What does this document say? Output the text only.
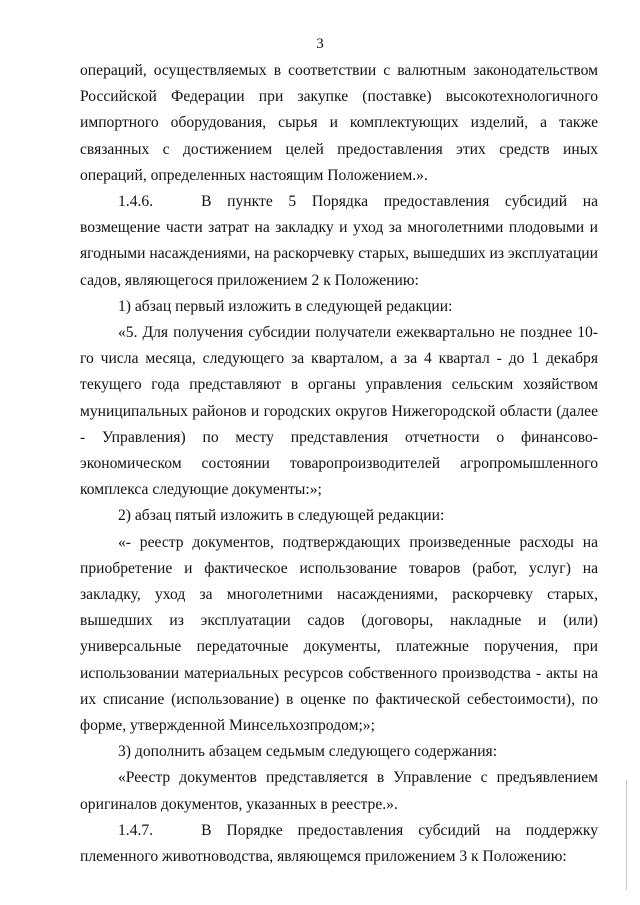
3

операций, осуществляемых в соответствии с валютным законодательством Российской Федерации при закупке (поставке) высокотехнологичного импортного оборудования, сырья и комплектующих изделий, а также связанных с достижением целей предоставления этих средств иных операций, определенных настоящим Положением.».

1.4.6.	В пункте 5 Порядка предоставления субсидий на возмещение части затрат на закладку и уход за многолетними плодовыми и ягодными насаждениями, на раскорчевку старых, вышедших из эксплуатации садов, являющегося приложением 2 к Положению:

1) абзац первый изложить в следующей редакции:

«5. Для получения субсидии получатели ежеквартально не позднее 10-го числа месяца, следующего за кварталом, а за 4 квартал - до 1 декабря текущего года представляют в органы управления сельским хозяйством муниципальных районов и городских округов Нижегородской области (далее - Управления) по месту представления отчетности о финансово-экономическом состоянии товаропроизводителей агропромышленного комплекса следующие документы:»;

2) абзац пятый изложить в следующей редакции:

«- реестр документов, подтверждающих произведенные расходы на приобретение и фактическое использование товаров (работ, услуг) на закладку, уход за многолетними насаждениями, раскорчевку старых, вышедших из эксплуатации садов (договоры, накладные и (или) универсальные передаточные документы, платежные поручения, при использовании материальных ресурсов собственного производства - акты на их списание (использование) в оценке по фактической себестоимости), по форме, утвержденной Минсельхозпродом;»;

3) дополнить абзацем седьмым следующего содержания:

«Реестр документов представляется в Управление с предъявлением оригиналов документов, указанных в реестре.».

1.4.7.	В Порядке предоставления субсидий на поддержку племенного животноводства, являющемся приложением 3 к Положению:
